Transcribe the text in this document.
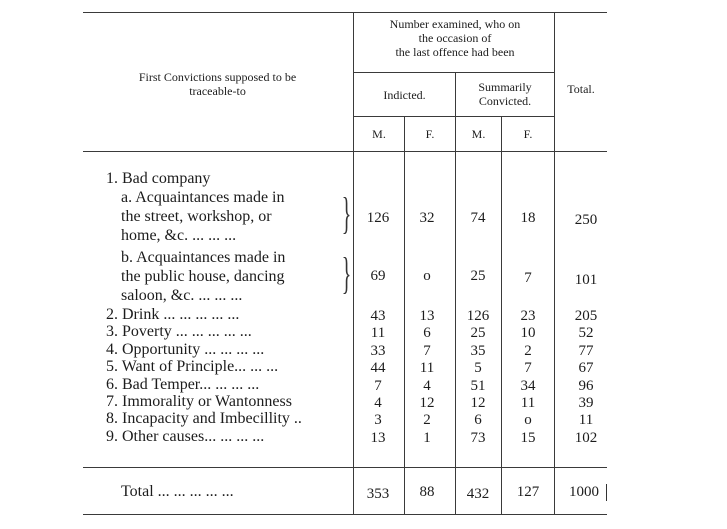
First Convictions supposed to be
traceable-to
Number examined, who on
the occasion of
the last offence had been
Indicted.
Summarily
Convicted.
Total.
M.	F.	M.	F.
1. Bad company
a. Acquaintances made in
the street, workshop, or
home, &c. ... ... ... }	126	32	74	18	250
b. Acquaintances made in
the public house, dancing
saloon, &c. ... ... ... }	69	o	25	7	101
2. Drink ... ... ... ... ...	43	13	126	23	205
3. Poverty ... ... ... ... ...	11	6	25	10	52
4. Opportunity ... ... ... ...	33	7	35	2	77
5. Want of Principle... ... ...	44	11	5	7	67
6. Bad Temper... ... ... ...	7	4	51	34	96
7. Immorality or Wantonness	4	12	12	11	39
8. Incapacity and Imbecillity ..	3	2	6	o	11
9. Other causes... ... ... ...	13	1	73	15	102
Total ... ... ... ... ...	353	88	432	127	1000
